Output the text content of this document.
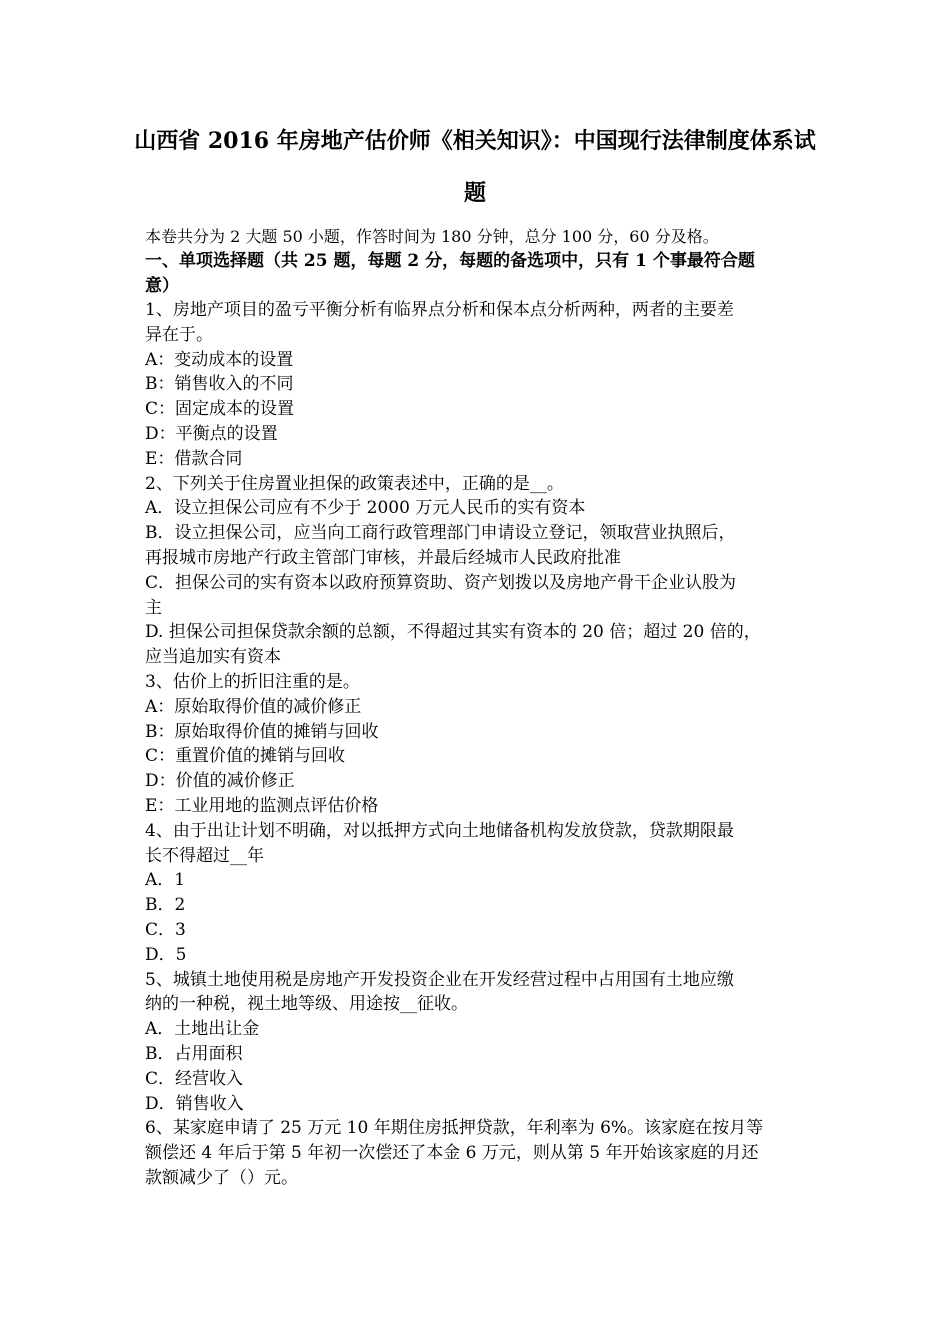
山西省 2016 年房地产估价师《相关知识》：中国现行法律制度体系试
题
本卷共分为 2 大题 50 小题，作答时间为 180 分钟，总分 100 分，60 分及格。
一、单项选择题（共 25 题，每题 2 分，每题的备选项中，只有 1 个事最符合题
意）
1、房地产项目的盈亏平衡分析有临界点分析和保本点分析两种，两者的主要差
异在于。
A：变动成本的设置
B：销售收入的不同
C：固定成本的设置
D：平衡点的设置
E：借款合同
2、下列关于住房置业担保的政策表述中，正确的是__。
A．设立担保公司应有不少于 2000 万元人民币的实有资本
B．设立担保公司，应当向工商行政管理部门申请设立登记，领取营业执照后，
再报城市房地产行政主管部门审核，并最后经城市人民政府批准
C．担保公司的实有资本以政府预算资助、资产划拨以及房地产骨干企业认股为
主
D. 担保公司担保贷款余额的总额，不得超过其实有资本的 20 倍；超过 20 倍的，
应当追加实有资本
3、估价上的折旧注重的是。
A：原始取得价值的减价修正
B：原始取得价值的摊销与回收
C：重置价值的摊销与回收
D：价值的减价修正
E：工业用地的监测点评估价格
4、由于出让计划不明确，对以抵押方式向土地储备机构发放贷款，贷款期限最
长不得超过__年
A．1
B．2
C．3
D．5
5、城镇土地使用税是房地产开发投资企业在开发经营过程中占用国有土地应缴
纳的一种税，视土地等级、用途按__征收。
A．土地出让金
B．占用面积
C．经营收入
D．销售收入
6、某家庭申请了 25 万元 10 年期住房抵押贷款，年利率为 6%。该家庭在按月等
额偿还 4 年后于第 5 年初一次偿还了本金 6 万元，则从第 5 年开始该家庭的月还
款额减少了（）元。
